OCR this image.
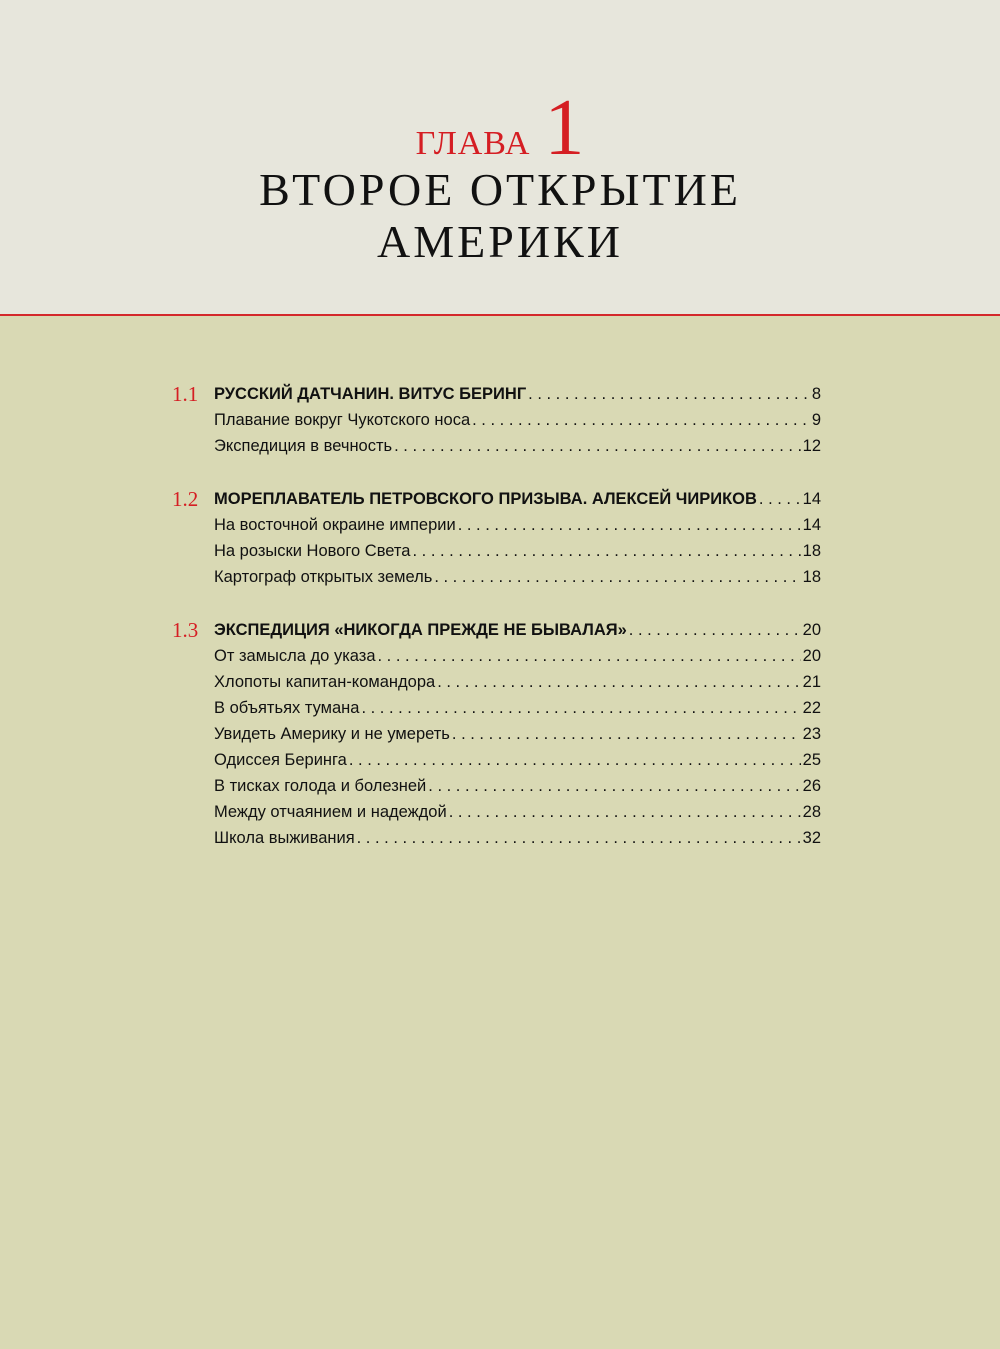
ГЛАВА 1
ВТОРОЕ ОТКРЫТИЕ
АМЕРИКИ
1.1 РУССКИЙ ДАТЧАНИН. ВИТУС БЕРИНГ . . .	8
Плавание вокруг Чукотского носа . . .	9
Экспедиция в вечность . . .	12
1.2 МОРЕПЛАВАТЕЛЬ ПЕТРОВСКОГО ПРИЗЫВА. АЛЕКСЕЙ ЧИРИКОВ . . .	14
На восточной окраине империи . . .	14
На розыски Нового Света . . .	18
Картограф открытых земель . . .	18
1.3 ЭКСПЕДИЦИЯ «НИКОГДА ПРЕЖДЕ НЕ БЫВАЛАЯ» . . .	20
От замысла до указа . . .	20
Хлопоты капитан-командора . . .	21
В объятьях тумана . . .	22
Увидеть Америку и не умереть . . .	23
Одиссея Беринга . . .	25
В тисках голода и болезней . . .	26
Между отчаянием и надеждой . . .	28
Школа выживания . . .	32
